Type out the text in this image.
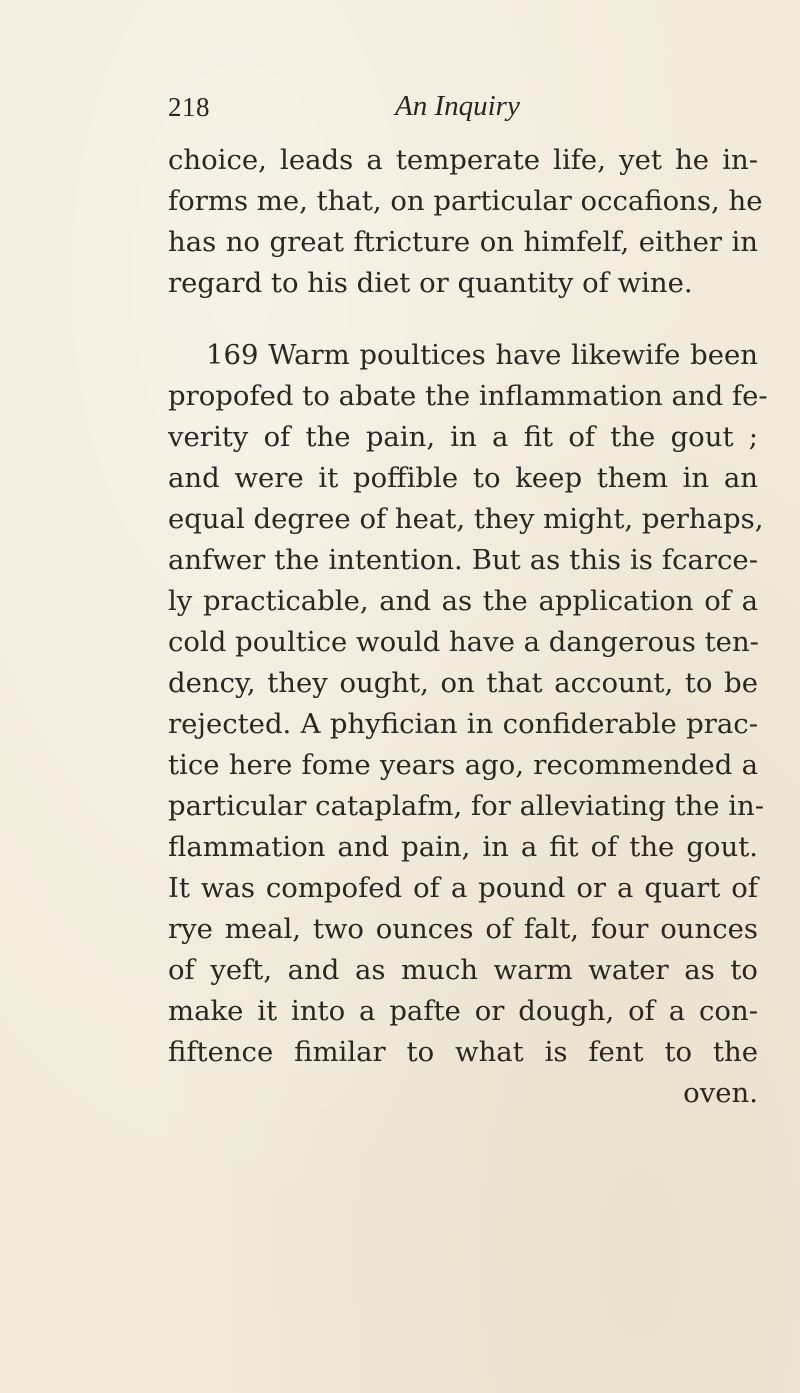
218	An Inquiry
choice, leads a temperate life, yet he in-
forms me, that, on particular occafions, he
has no great ftricture on himfelf, either in
regard to his diet or quantity of wine.
169 Warm poultices have likewife been
propofed to abate the inflammation and fe-
verity of the pain, in a fit of the gout ;
and were it poffible to keep them in an
equal degree of heat, they might, perhaps,
anfwer the intention. But as this is fcarce-
ly practicable, and as the application of a
cold poultice would have a dangerous ten-
dency, they ought, on that account, to be
rejected. A phyfician in confiderable prac-
tice here fome years ago, recommended a
particular cataplafm, for alleviating the in-
flammation and pain, in a fit of the gout.
It was compofed of a pound or a quart of
rye meal, two ounces of falt, four ounces
of yeft, and as much warm water as to
make it into a pafte or dough, of a con-
fiftence fimilar to what is fent to the
oven.
